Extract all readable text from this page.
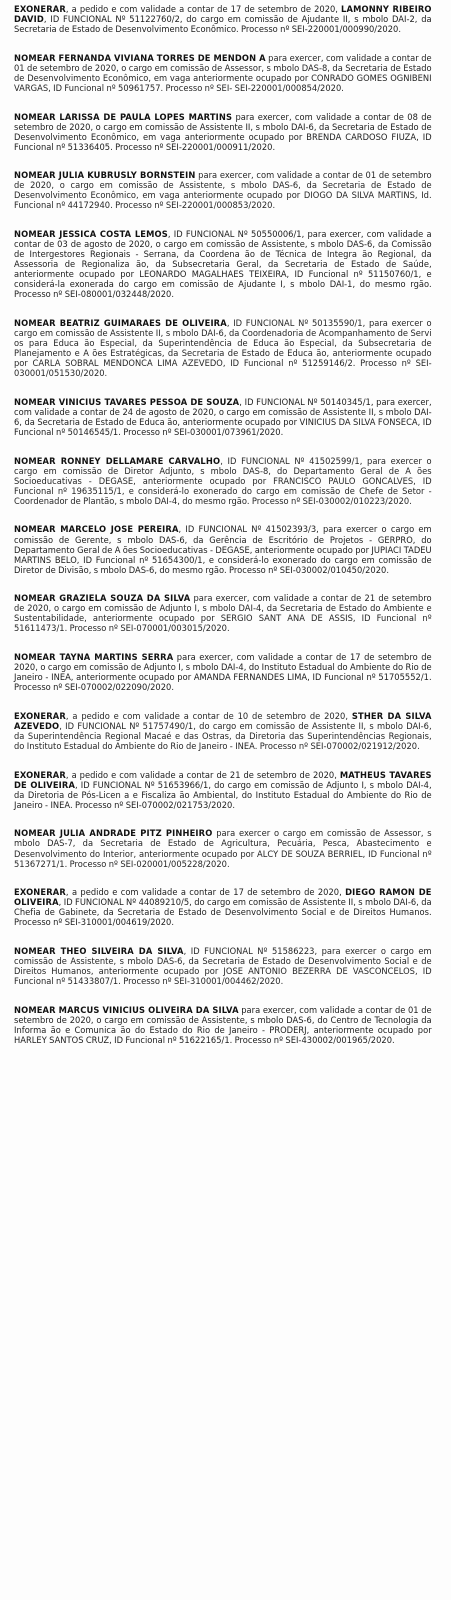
EXONERAR, a pedido e com validade a contar de 17 de setembro de 2020, LAMONNY RIBEIRO DAVID, ID FUNCIONAL Nº 51122760/2, do cargo em comissão de Ajudante II, s mbolo DAI-2, da Secretaria de Estado de Desenvolvimento Econômico. Processo nº SEI-220001/000990/2020.

NOMEAR FERNANDA VIVIANA TORRES DE MENDON A para exercer, com validade a contar de 01 de setembro de 2020, o cargo em comissão de Assessor, s mbolo DAS-8, da Secretaria de Estado de Desenvolvimento Econômico, em vaga anteriormente ocupado por CONRADO GOMES OGNIBENI VARGAS, ID Funcional nº 50961757. Processo nº SEI- SEI-220001/000854/2020.

NOMEAR LARISSA DE PAULA LOPES MARTINS para exercer, com validade a contar de 08 de setembro de 2020, o cargo em comissão de Assistente II, s mbolo DAI-6, da Secretaria de Estado de Desenvolvimento Econômico, em vaga anteriormente ocupado por BRENDA CARDOSO FIUZA, ID Funcional nº 51336405. Processo nº SEI-220001/000911/2020.

NOMEAR JULIA KUBRUSLY BORNSTEIN para exercer, com validade a contar de 01 de setembro de 2020, o cargo em comissão de Assistente, s mbolo DAS-6, da Secretaria de Estado de Desenvolvimento Econômico, em vaga anteriormente ocupado por DIOGO DA SILVA MARTINS, Id. Funcional nº 44172940. Processo nº SEI-220001/000853/2020.

NOMEAR JESSICA COSTA LEMOS, ID FUNCIONAL Nº 50550006/1, para exercer, com validade a contar de 03 de agosto de 2020, o cargo em comissão de Assistente, s mbolo DAS-6, da Comissão de Intergestores Regionais - Serrana, da Coordena ão de Técnica de Integra ão Regional, da Assessoria de Regionaliza ão, da Subsecretaria Geral, da Secretaria de Estado de Saúde, anteriormente ocupado por LEONARDO MAGALHAES TEIXEIRA, ID Funcional nº 51150760/1, e considerá-la exonerada do cargo em comissão de Ajudante I, s mbolo DAI-1, do mesmo rgão. Processo nº SEI-080001/032448/2020.

NOMEAR BEATRIZ GUIMARAES DE OLIVEIRA, ID FUNCIONAL Nº 50135590/1, para exercer o cargo em comissão de Assistente II, s mbolo DAI-6, da Coordenadoria de Acompanhamento de Servi os para Educa ão Especial, da Superintendência de Educa ão Especial, da Subsecretaria de Planejamento e A ões Estratégicas, da Secretaria de Estado de Educa ão, anteriormente ocupado por CARLA SOBRAL MENDONCA LIMA AZEVEDO, ID Funcional nº 51259146/2. Processo nº SEI-030001/051530/2020.

NOMEAR VINICIUS TAVARES PESSOA DE SOUZA, ID FUNCIONAL Nº 50140345/1, para exercer, com validade a contar de 24 de agosto de 2020, o cargo em comissão de Assistente II, s mbolo DAI-6, da Secretaria de Estado de Educa ão, anteriormente ocupado por VINICIUS DA SILVA FONSECA, ID Funcional nº 50146545/1. Processo nº SEI-030001/073961/2020.

NOMEAR RONNEY DELLAMARE CARVALHO, ID FUNCIONAL Nº 41502599/1, para exercer o cargo em comissão de Diretor Adjunto, s mbolo DAS-8, do Departamento Geral de A ões Socioeducativas - DEGASE, anteriormente ocupado por FRANCISCO PAULO GONCALVES, ID Funcional nº 19635115/1, e considerá-lo exonerado do cargo em comissão de Chefe de Setor - Coordenador de Plantão, s mbolo DAI-4, do mesmo rgão. Processo nº SEI-030002/010223/2020.

NOMEAR MARCELO JOSE PEREIRA, ID FUNCIONAL Nº 41502393/3, para exercer o cargo em comissão de Gerente, s mbolo DAS-6, da Gerência de Escritório de Projetos - GERPRO, do Departamento Geral de A ões Socioeducativas - DEGASE, anteriormente ocupado por JUPIACI TADEU MARTINS BELO, ID Funcional nº 51654300/1, e considerá-lo exonerado do cargo em comissão de Diretor de Divisão, s mbolo DAS-6, do mesmo rgão. Processo nº SEI-030002/010450/2020.

NOMEAR GRAZIELA SOUZA DA SILVA para exercer, com validade a contar de 21 de setembro de 2020, o cargo em comissão de Adjunto I, s mbolo DAI-4, da Secretaria de Estado do Ambiente e Sustentabilidade, anteriormente ocupado por SERGIO SANT ANA DE ASSIS, ID Funcional nº 51611473/1. Processo nº SEI-070001/003015/2020.

NOMEAR TAYNA MARTINS SERRA para exercer, com validade a contar de 17 de setembro de 2020, o cargo em comissão de Adjunto I, s mbolo DAI-4, do Instituto Estadual do Ambiente do Rio de Janeiro - INEA, anteriormente ocupado por AMANDA FERNANDES LIMA, ID Funcional nº 51705552/1. Processo nº SEI-070002/022090/2020.

EXONERAR, a pedido e com validade a contar de 10 de setembro de 2020, STHER DA SILVA AZEVEDO, ID FUNCIONAL Nº 51757490/1, do cargo em comissão de Assistente II, s mbolo DAI-6, da Superintendência Regional Macaé e das Ostras, da Diretoria das Superintendências Regionais, do Instituto Estadual do Ambiente do Rio de Janeiro - INEA. Processo nº SEI-070002/021912/2020.

EXONERAR, a pedido e com validade a contar de 21 de setembro de 2020, MATHEUS TAVARES DE OLIVEIRA, ID FUNCIONAL Nº 51653966/1, do cargo em comissão de Adjunto I, s mbolo DAI-4, da Diretoria de Pós-Licen a e Fiscaliza ão Ambiental, do Instituto Estadual do Ambiente do Rio de Janeiro - INEA. Processo nº SEI-070002/021753/2020.

NOMEAR JULIA ANDRADE PITZ PINHEIRO para exercer o cargo em comissão de Assessor, s mbolo DAS-7, da Secretaria de Estado de Agricultura, Pecuária, Pesca, Abastecimento e Desenvolvimento do Interior, anteriormente ocupado por ALCY DE SOUZA BERRIEL, ID Funcional nº 51367271/1. Processo nº SEI-020001/005228/2020.

EXONERAR, a pedido e com validade a contar de 17 de setembro de 2020, DIEGO RAMON DE OLIVEIRA, ID FUNCIONAL Nº 44089210/5, do cargo em comissão de Assistente II, s mbolo DAI-6, da Chefia de Gabinete, da Secretaria de Estado de Desenvolvimento Social e de Direitos Humanos. Processo nº SEI-310001/004619/2020.

NOMEAR THEO SILVEIRA DA SILVA, ID FUNCIONAL Nº 51586223, para exercer o cargo em comissão de Assistente, s mbolo DAS-6, da Secretaria de Estado de Desenvolvimento Social e de Direitos Humanos, anteriormente ocupado por JOSE ANTONIO BEZERRA DE VASCONCELOS, ID Funcional nº 51433807/1. Processo nº SEI-310001/004462/2020.

NOMEAR MARCUS VINICIUS OLIVEIRA DA SILVA para exercer, com validade a contar de 01 de setembro de 2020, o cargo em comissão de Assistente, s mbolo DAS-6, do Centro de Tecnologia da Informa ão e Comunica ão do Estado do Rio de Janeiro - PRODERJ, anteriormente ocupado por HARLEY SANTOS CRUZ, ID Funcional nº 51622165/1. Processo nº SEI-430002/001965/2020.
